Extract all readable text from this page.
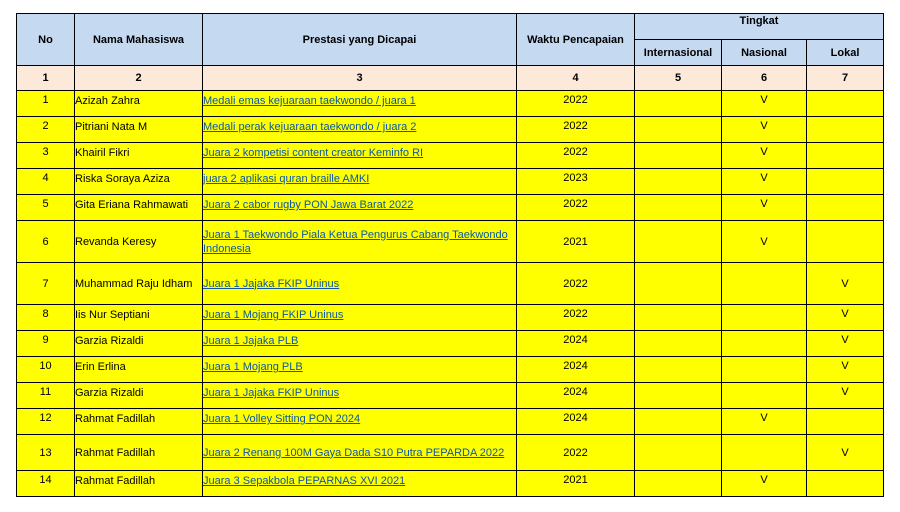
No	Nama Mahasiswa	Prestasi yang Dicapai	Waktu Pencapaian	Tingkat		
				Internasional	Nasional	Lokal
1	2	3	4	5	6	7
1	Azizah Zahra	Medali emas kejuaraan taekwondo / juara 1	2022		V	
2	Pitriani Nata M	Medali perak kejuaraan taekwondo / juara 2	2022		V	
3	Khairil Fikri	Juara 2 kompetisi content creator Keminfo RI	2022		V	
4	Riska Soraya Aziza	juara 2 aplikasi quran braille AMKI	2023		V	
5	Gita Eriana Rahmawati	Juara 2 cabor rugby PON Jawa Barat 2022	2022		V	
6	Revanda Keresy	Juara 1 Taekwondo Piala Ketua Pengurus Cabang Taekwondo Indonesia	2021		V	
7	Muhammad Raju Idham	Juara 1 Jajaka FKIP Uninus	2022			V
8	Iis Nur Septiani	Juara 1 Mojang FKIP Uninus	2022			V
9	Garzia Rizaldi	Juara 1 Jajaka PLB	2024			V
10	Erin Erlina	Juara 1 Mojang PLB	2024			V
11	Garzia Rizaldi	Juara 1 Jajaka FKIP Uninus	2024			V
12	Rahmat Fadillah	Juara 1 Volley Sitting PON 2024	2024		V	
13	Rahmat Fadillah	Juara 2 Renang 100M Gaya Dada S10 Putra PEPARDA 2022	2022			V
14	Rahmat Fadillah	Juara 3 Sepakbola PEPARNAS XVI 2021	2021		V	
